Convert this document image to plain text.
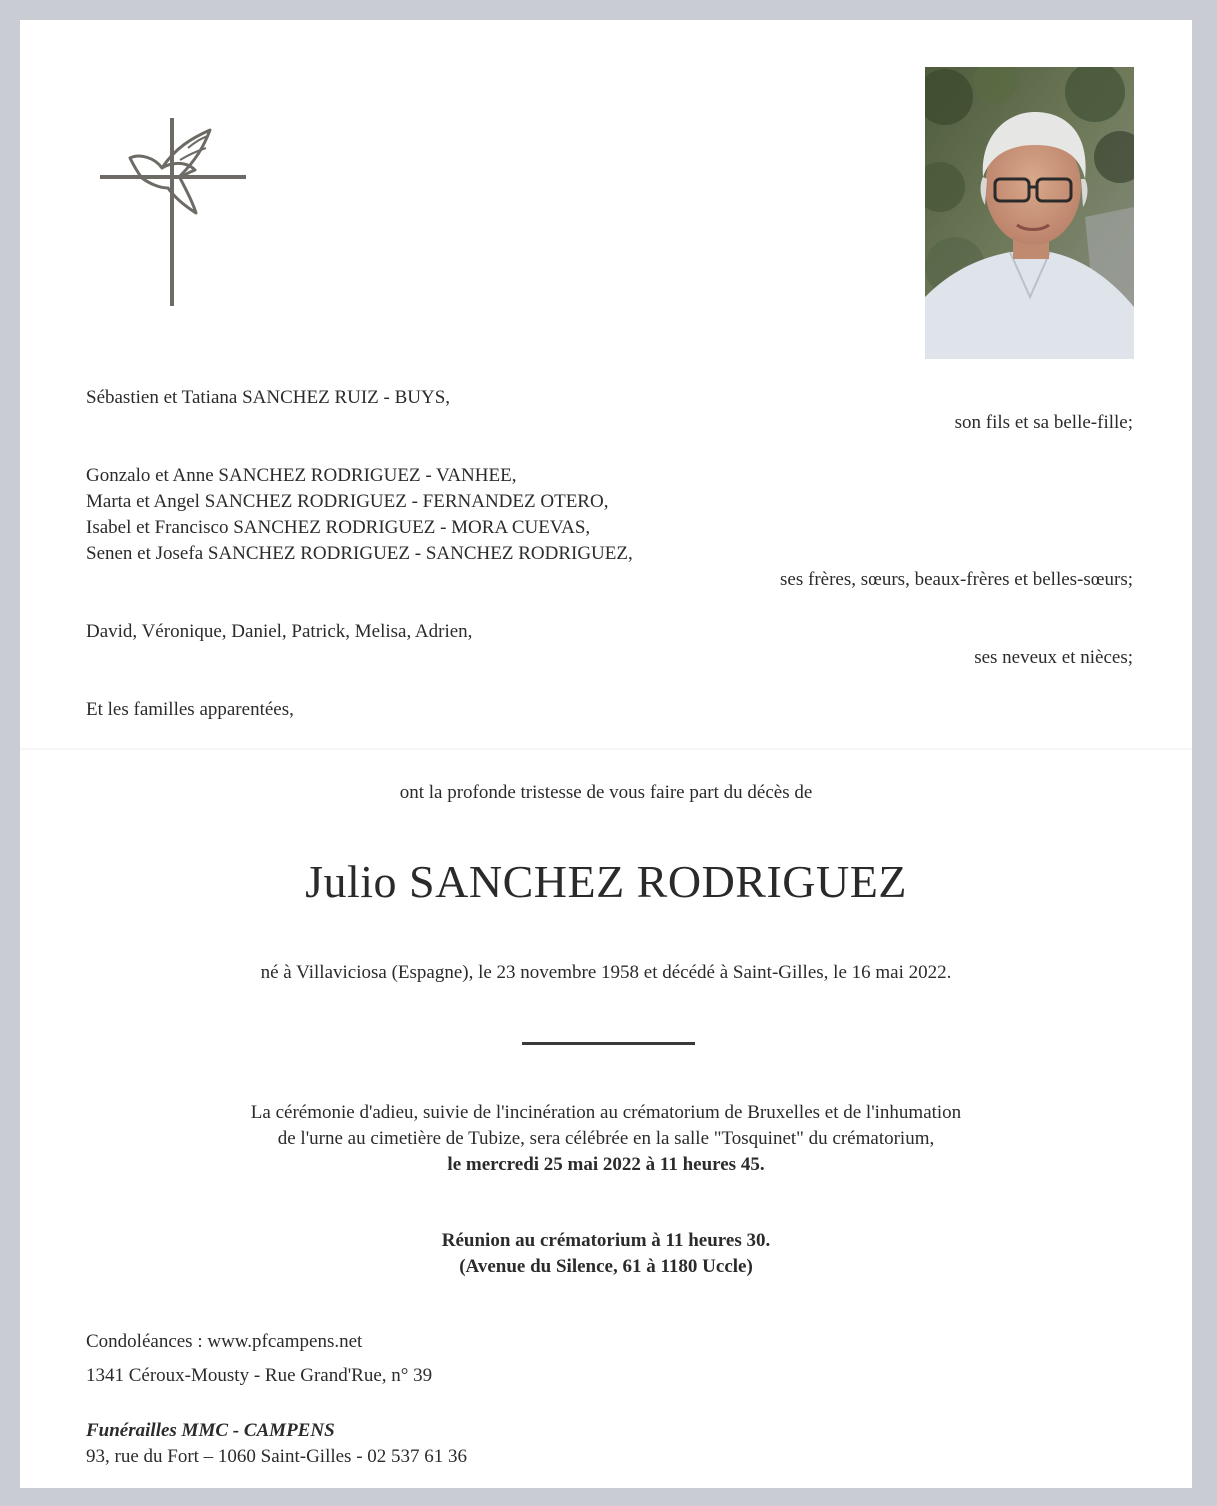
Sébastien et Tatiana SANCHEZ RUIZ - BUYS,
son fils et sa belle-fille;
Gonzalo et Anne SANCHEZ RODRIGUEZ - VANHEE,
Marta et Angel SANCHEZ RODRIGUEZ - FERNANDEZ OTERO,
Isabel et Francisco SANCHEZ RODRIGUEZ - MORA CUEVAS,
Senen et Josefa SANCHEZ RODRIGUEZ - SANCHEZ RODRIGUEZ,
ses frères, sœurs, beaux-frères et belles-sœurs;
David, Véronique, Daniel, Patrick, Melisa, Adrien,
ses neveux et nièces;
Et les familles apparentées,
ont la profonde tristesse de vous faire part du décès de
Julio SANCHEZ RODRIGUEZ
né à Villaviciosa (Espagne), le 23 novembre 1958 et décédé à Saint-Gilles, le 16 mai 2022.
La cérémonie d'adieu, suivie de l'incinération au crématorium de Bruxelles et de l'inhumation
de l'urne au cimetière de Tubize, sera célébrée en la salle "Tosquinet" du crématorium,
le mercredi 25 mai 2022 à 11 heures 45.
Réunion au crématorium à 11 heures 30.
(Avenue du Silence, 61 à 1180 Uccle)
Condoléances : www.pfcampens.net
1341 Céroux-Mousty - Rue Grand'Rue, n° 39
Funérailles MMC - CAMPENS
93, rue du Fort – 1060 Saint-Gilles - 02 537 61 36
